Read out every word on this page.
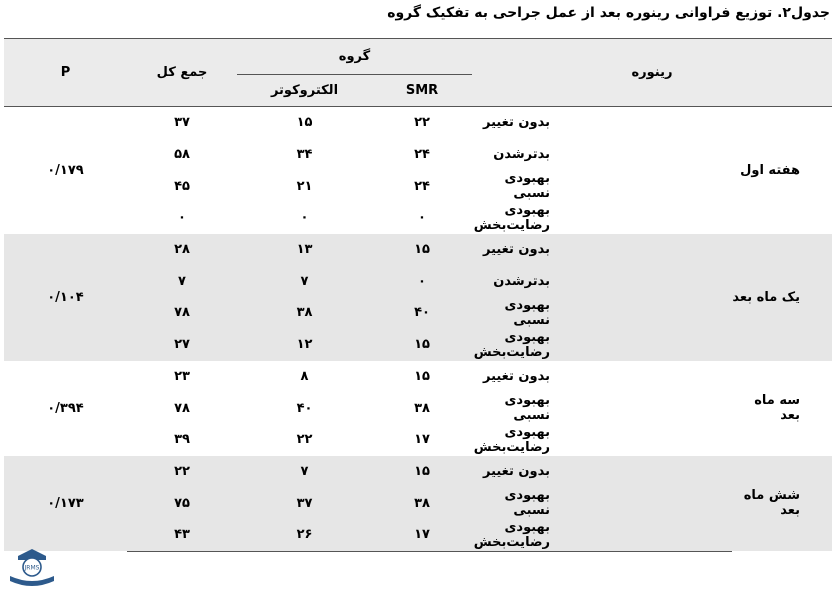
جدول۲. توزیع فراوانی رینوره بعد از عمل جراحی به تفکیک گروه
رینوره		گروه		جمع کل	P
		SMR	الکتروکوتر		
هفته اول	بدون تغییر	۲۲	۱۵	۳۷	۰/۱۷۹
	بدترشدن	۲۴	۳۴	۵۸	
	بهبودی نسبی	۲۴	۲۱	۴۵	
	بهبودی رضایت‌بخش	۰	۰	۰	
یک ماه بعد	بدون تغییر	۱۵	۱۳	۲۸	۰/۱۰۴
	بدترشدن	۰	۷	۷	
	بهبودی نسبی	۴۰	۳۸	۷۸	
	بهبودی رضایت‌بخش	۱۵	۱۲	۲۷	
سه ماه بعد	بدون تغییر	۱۵	۸	۲۳	۰/۳۹۴
	بهبودی نسبی	۳۸	۴۰	۷۸	
	بهبودی رضایت‌بخش	۱۷	۲۲	۳۹	
شش ماه بعد	بدون تغییر	۱۵	۷	۲۲	۰/۱۷۳
	بهبودی نسبی	۳۸	۳۷	۷۵	
	بهبودی رضایت‌بخش	۱۷	۲۶	۴۳	
JRMS
